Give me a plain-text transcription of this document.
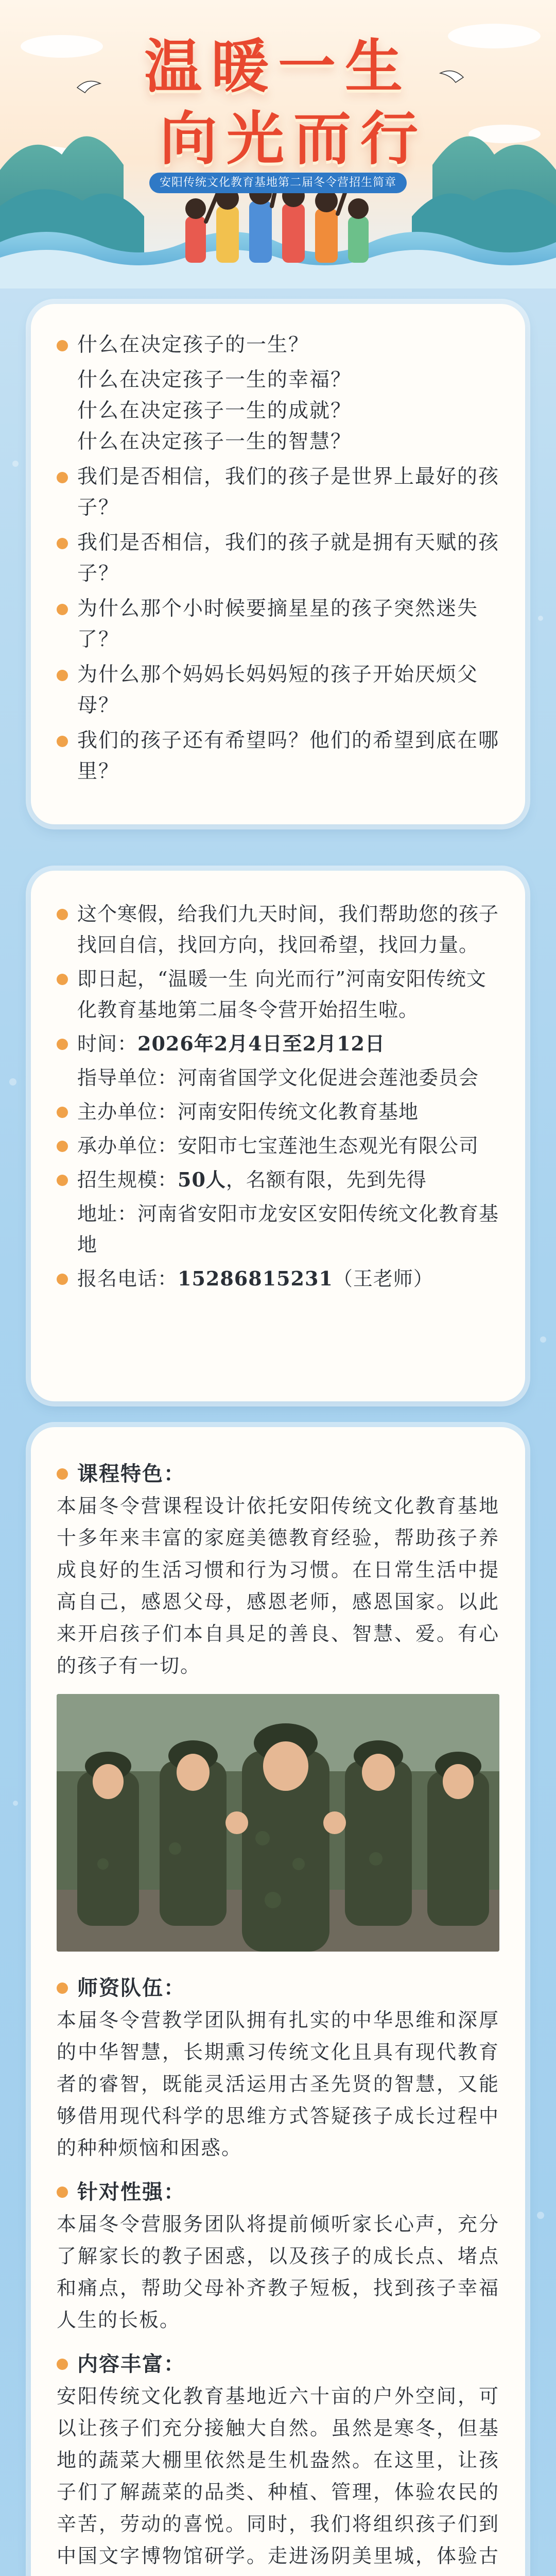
温暖一生
向光而行
安阳传统文化教育基地第二届冬令营招生简章
什么在决定孩子的一生？
什么在决定孩子一生的幸福？
什么在决定孩子一生的成就？
什么在决定孩子一生的智慧？
我们是否相信，我们的孩子是世界上最好的孩子？
我们是否相信，我们的孩子就是拥有天赋的孩子？
为什么那个小时候要摘星星的孩子突然迷失了？
为什么那个妈妈长妈妈短的孩子开始厌烦父母？
我们的孩子还有希望吗？他们的希望到底在哪里？
这个寒假，给我们九天时间，我们帮助您的孩子找回自信，找回方向，找回希望，找回力量。
即日起，“温暖一生 向光而行”河南安阳传统文化教育基地第二届冬令营开始招生啦。
时间：2026年2月4日至2月12日
指导单位：河南省国学文化促进会莲池委员会
主办单位：河南安阳传统文化教育基地
承办单位：安阳市七宝莲池生态观光有限公司
招生规模：50人，名额有限，先到先得
地址：河南省安阳市龙安区安阳传统文化教育基地
报名电话：15286815231（王老师）
课程特色：
本届冬令营课程设计依托安阳传统文化教育基地十多年来丰富的家庭美德教育经验，帮助孩子养成良好的生活习惯和行为习惯。在日常生活中提高自己，感恩父母，感恩老师，感恩国家。以此来开启孩子们本自具足的善良、智慧、爱。有心的孩子有一切。
师资队伍：
本届冬令营教学团队拥有扎实的中华思维和深厚的中华智慧，长期熏习传统文化且具有现代教育者的睿智，既能灵活运用古圣先贤的智慧，又能够借用现代科学的思维方式答疑孩子成长过程中的种种烦恼和困惑。
针对性强：
本届冬令营服务团队将提前倾听家长心声，充分了解家长的教子困惑，以及孩子的成长点、堵点和痛点，帮助父母补齐教子短板，找到孩子幸福人生的长板。
内容丰富：
安阳传统文化教育基地近六十亩的户外空间，可以让孩子们充分接触大自然。虽然是寒冬，但基地的蔬菜大棚里依然是生机盎然。在这里，让孩子们了解蔬菜的品类、种植、管理，体验农民的辛苦，劳动的喜悦。同时，我们将组织孩子们到中国文字博物馆研学。走进汤阴美里城，体验古
